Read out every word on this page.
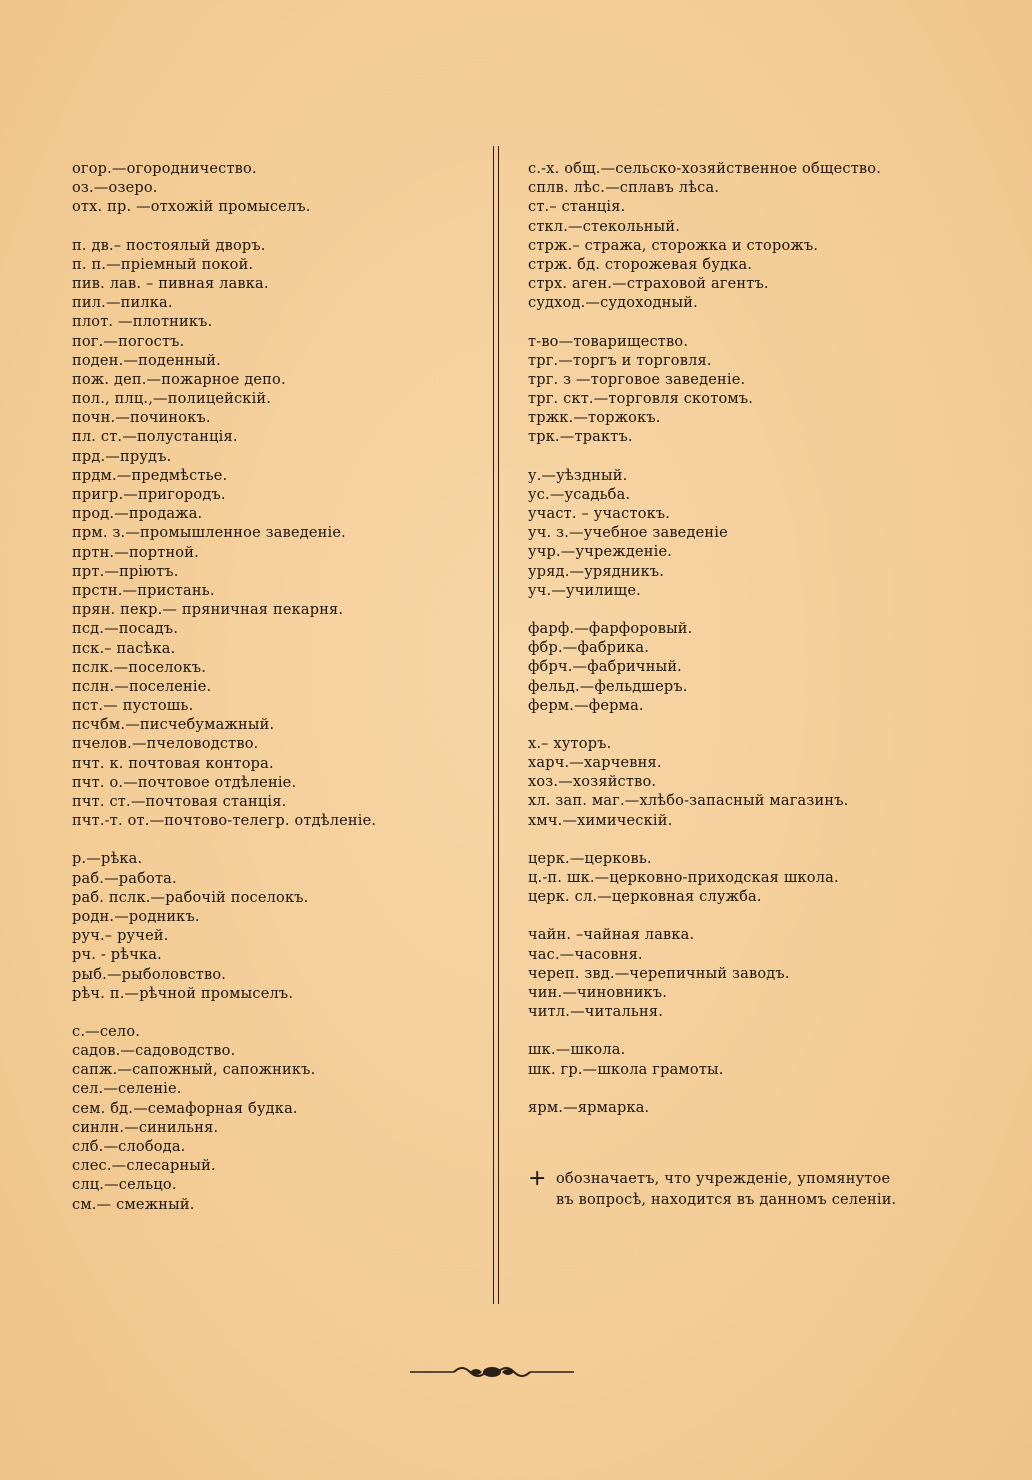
огор.—огородничество.
оз.—озеро.
отх. пр. —отхожій промыселъ.
п. дв.– постоялый дворъ.
п. п.—пріемный покой.
пив. лав. – пивная лавка.
пил.—пилка.
плот. —плотникъ.
пог.—погостъ.
поден.—поденный.
пож. деп.—пожарное депо.
пол., плц.,—полицейскій.
почн.—починокъ.
пл. ст.—полустанція.
прд.—прудъ.
прдм.—предмѣстье.
пригр.—пригородъ.
прод.—продажа.
прм. з.—промышленное заведеніе.
пртн.—портной.
прт.—пріютъ.
прстн.—пристань.
прян. пекр.— пряничная пекарня.
псд.—посадъ.
пск.– пасѣка.
пслк.—поселокъ.
пслн.—поселеніе.
пст.— пустошь.
псчбм.—писчебумажный.
пчелов.—пчеловодство.
пчт. к. почтовая контора.
пчт. о.—почтовое отдѣленіе.
пчт. ст.—почтовая станція.
пчт.-т. от.—почтово-телегр. отдѣленіе.
р.—рѣка.
раб.—работа.
раб. пслк.—рабочій поселокъ.
родн.—родникъ.
руч.– ручей.
рч. - рѣчка.
рыб.—рыболовство.
рѣч. п.—рѣчной промыселъ.
с.—село.
садов.—садоводство.
сапж.—сапожный, сапожникъ.
сел.—селеніе.
сем. бд.—семафорная будка.
синлн.—синильня.
слб.—слобода.
слес.—слесарный.
слц.—сельцо.
см.— смежный.
с.-х. общ.—сельско-хозяйственное общество.
сплв. лѣс.—сплавъ лѣса.
ст.– станція.
сткл.—стекольный.
стрж.– стража, сторожка и сторожъ.
стрж. бд. сторожевая будка.
стрх. аген.—страховой агентъ.
судход.—судоходный.
т-во—товарищество.
трг.—торгъ и торговля.
трг. з —торговое заведеніе.
трг. скт.—торговля скотомъ.
тржк.—торжокъ.
трк.—трактъ.
у.—уѣздный.
ус.—усадьба.
участ. – участокъ.
уч. з.—учебное заведеніе
учр.—учрежденіе.
уряд.—урядникъ.
уч.—училище.
фарф.—фарфоровый.
фбр.—фабрика.
фбрч.—фабричный.
фельд.—фельдшеръ.
ферм.—ферма.
х.– хуторъ.
харч.—харчевня.
хоз.—хозяйство.
хл. зап. маг.—хлѣбо-запасный магазинъ.
хмч.—химическій.
церк.—церковь.
ц.-п. шк.—церковно-приходская школа.
церк. сл.—церковная служба.
чайн. –чайная лавка.
час.—часовня.
череп. звд.—черепичный заводъ.
чин.—чиновникъ.
читл.—читальня.
шк.—школа.
шк. гр.—школа грамоты.
ярм.—ярмарка.
+ обозначаетъ, что учрежденіе, упомянутое
въ вопросѣ, находится въ данномъ селеніи.
